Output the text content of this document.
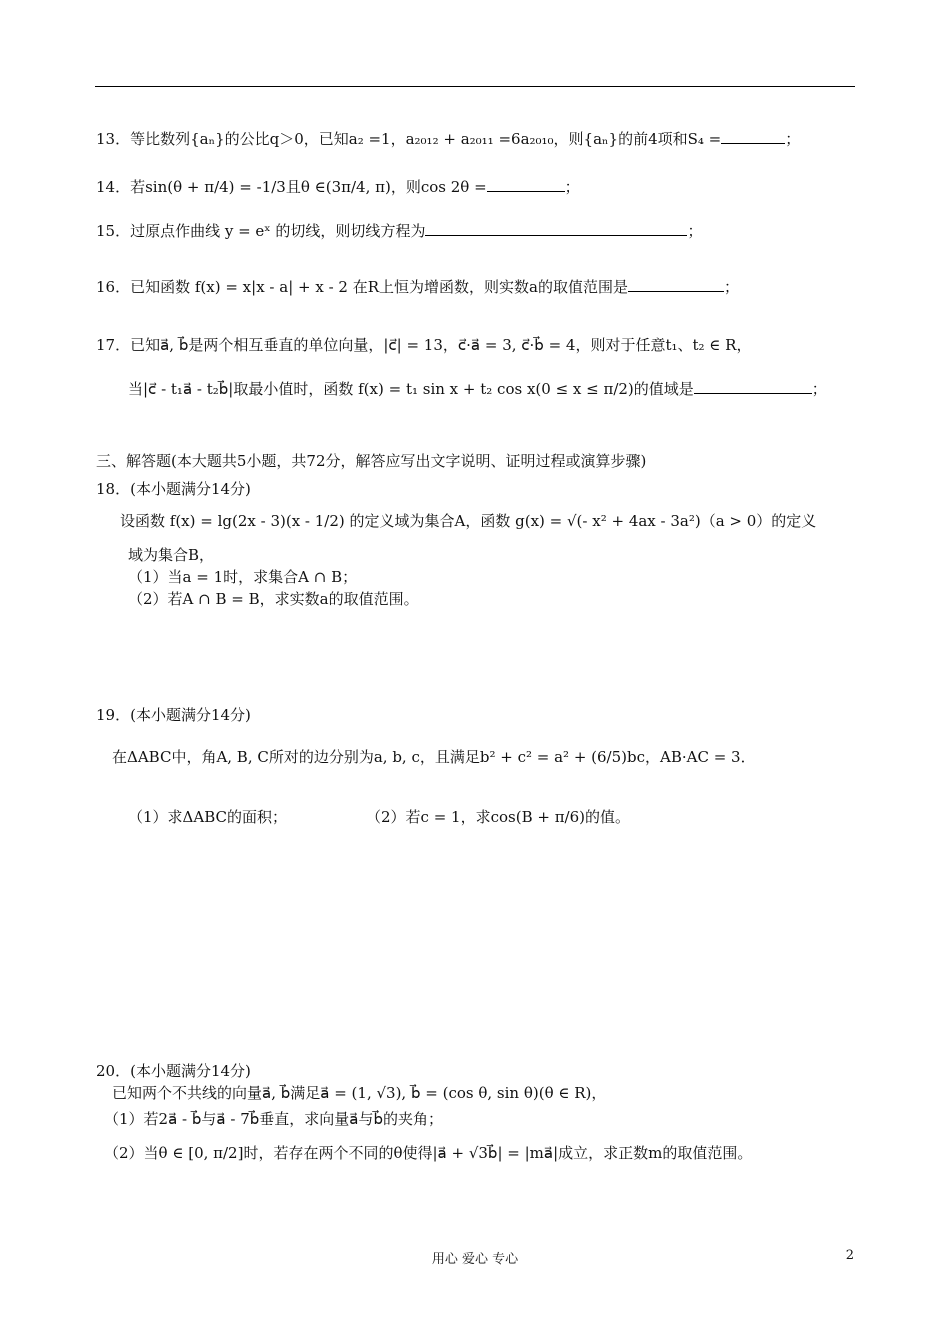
13．等比数列{aₙ}的公比q＞0，已知a₂ =1，a₂₀₁₂ + a₂₀₁₁ =6a₂₀₁₀，则{aₙ}的前4项和S₄ =	；
14．若sin(θ + π/4) = -1/3且θ ∈(3π/4, π)，则cos 2θ =	；
15．过原点作曲线 y = eˣ 的切线，则切线方程为	；
16．已知函数 f(x) = x|x - a| + x - 2 在R上恒为增函数，则实数a的取值范围是	；
17．已知a⃗, b⃗是两个相互垂直的单位向量，|c⃗| = 13，c⃗·a⃗ = 3, c⃗·b⃗ = 4，则对于任意t₁、t₂ ∈ R，
当|c⃗ - t₁a⃗ - t₂b⃗|取最小值时，函数 f(x) = t₁ sin x + t₂ cos x(0 ≤ x ≤ π/2)的值域是	；
三、解答题(本大题共5小题，共72分，解答应写出文字说明、证明过程或演算步骤)
18．(本小题满分14分)
设函数 f(x) = lg(2x - 3)(x - 1/2) 的定义域为集合A，函数 g(x) = √(- x² + 4ax - 3a²)（a > 0）的定义
域为集合B，
（1）当a = 1时，求集合A ∩ B；
（2）若A ∩ B = B，求实数a的取值范围。
19．(本小题满分14分)
在ΔABC中，角A, B, C所对的边分别为a, b, c，且满足b² + c² = a² + (6/5)bc，AB·AC = 3．
（1）求ΔABC的面积；	（2）若c = 1，求cos(B + π/6)的值。
20．(本小题满分14分)
已知两个不共线的向量a⃗, b⃗满足a⃗ = (1, √3), b⃗ = (cos θ, sin θ)(θ ∈ R)，
（1）若2a⃗ - b⃗与a⃗ - 7b⃗垂直，求向量a⃗与b⃗的夹角；
（2）当θ ∈ [0, π/2]时，若存在两个不同的θ使得|a⃗ + √3b⃗| = |ma⃗|成立，求正数m的取值范围。
用心 爱心 专心	2
